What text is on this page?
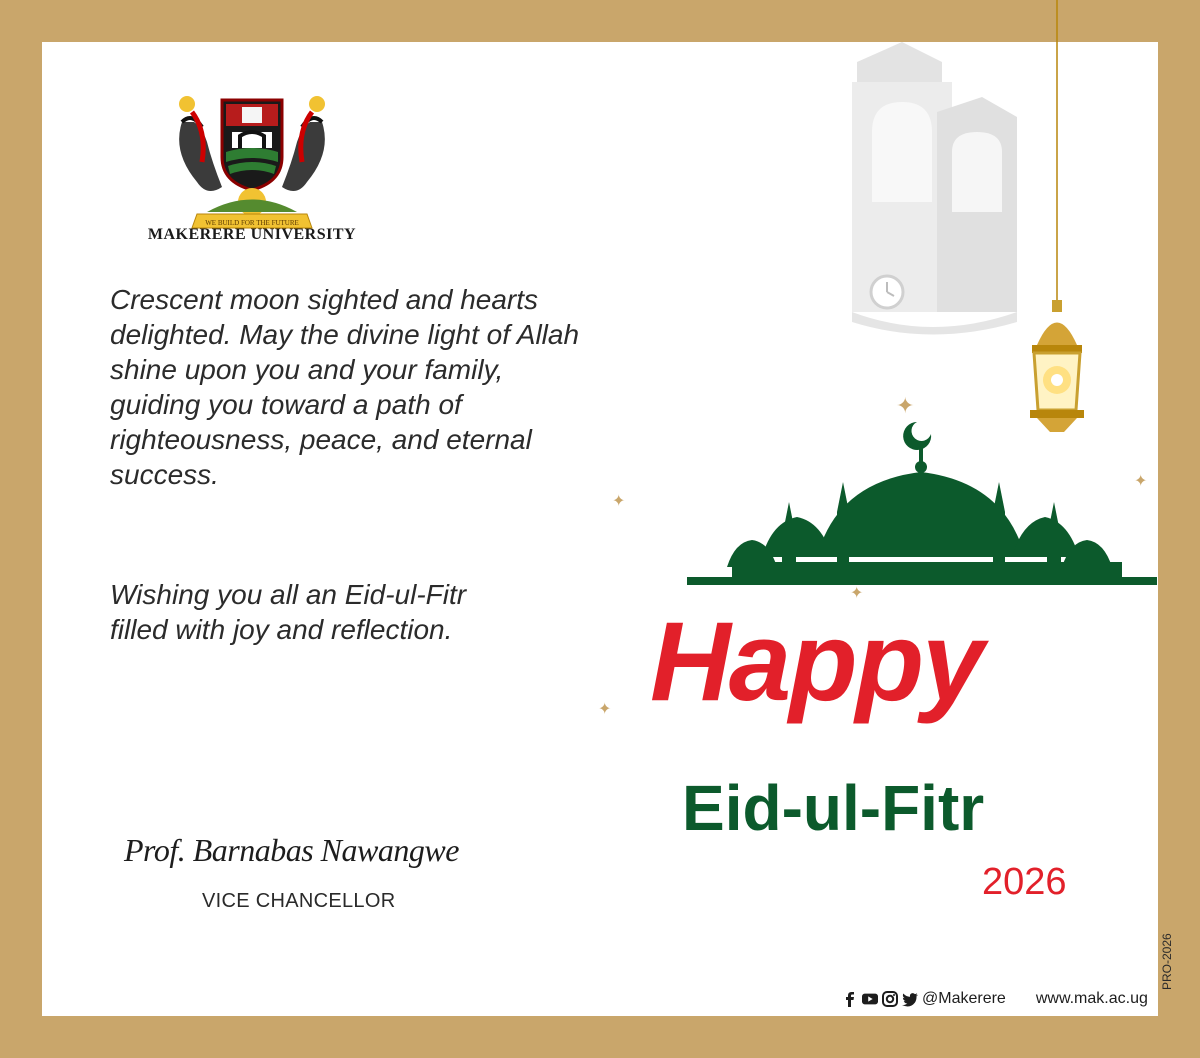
WE BUILD FOR THE FUTURE
MAKERERE UNIVERSITY

Crescent moon sighted and hearts
delighted. May the divine light of Allah
shine upon you and your family,
guiding you toward a path of
righteousness, peace, and eternal
success.

Wishing you all an Eid-ul-Fitr
filled with joy and reflection.

Prof. Barnabas Nawangwe
VICE CHANCELLOR
✦
✦
✦
✦
✦ Happy
Eid-ul-Fitr
2026
@Makerere www.mak.ac.ug
PRO-2026
